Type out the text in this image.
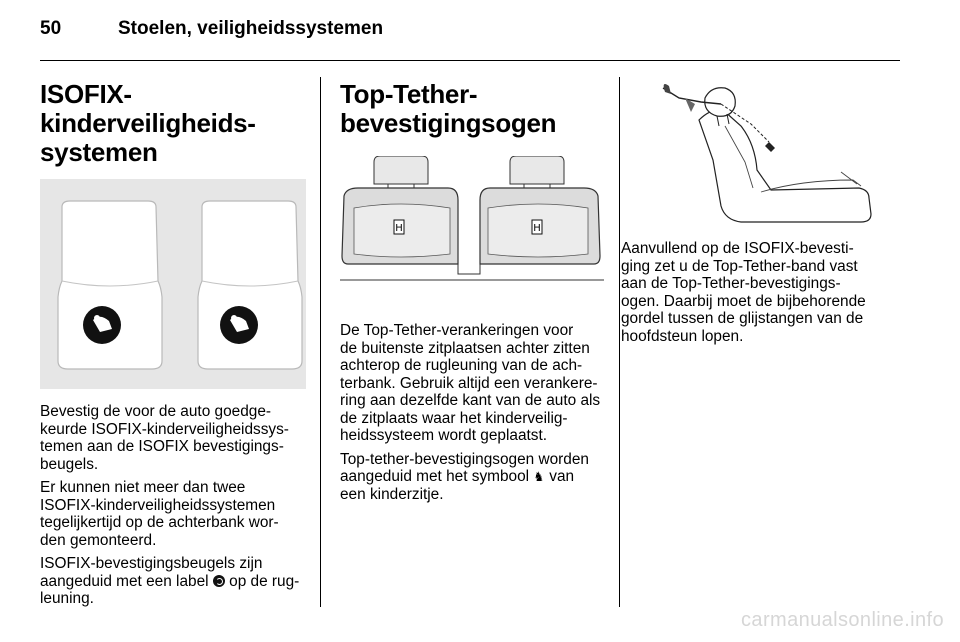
50	Stoelen, veiligheidssystemen
ISOFIX-kinderveiligheids-
systemen

Bevestig de voor de auto goedge-
keurde ISOFIX-kinderveiligheidssys-
temen aan de ISOFIX bevestigings-
beugels.

Er kunnen niet meer dan twee
ISOFIX-kinderveiligheidssystemen
tegelijkertijd op de achterbank wor-
den gemonteerd.

ISOFIX-bevestigingsbeugels zijn
aangeduid met een label  op de rug-
leuning.

Top-Tether-
bevestigingsogen
H	H

De Top-Tether-verankeringen voor
de buitenste zitplaatsen achter zitten
achterop de rugleuning van de ach-
terbank. Gebruik altijd een verankere-
ring aan dezelfde kant van de auto als
de zitplaats waar het kinderveilig-
heidssysteem wordt geplaatst.

Top-tether-bevestigingsogen worden
aangeduid met het symbool ♞ van
een kinderzitje.

Aanvullend op de ISOFIX-bevesti-
ging zet u de Top-Tether-band vast
aan de Top-Tether-bevestigings-
ogen. Daarbij moet de bijbehorende
gordel tussen de glijstangen van de
hoofdsteun lopen.

carmanualsonline.info
